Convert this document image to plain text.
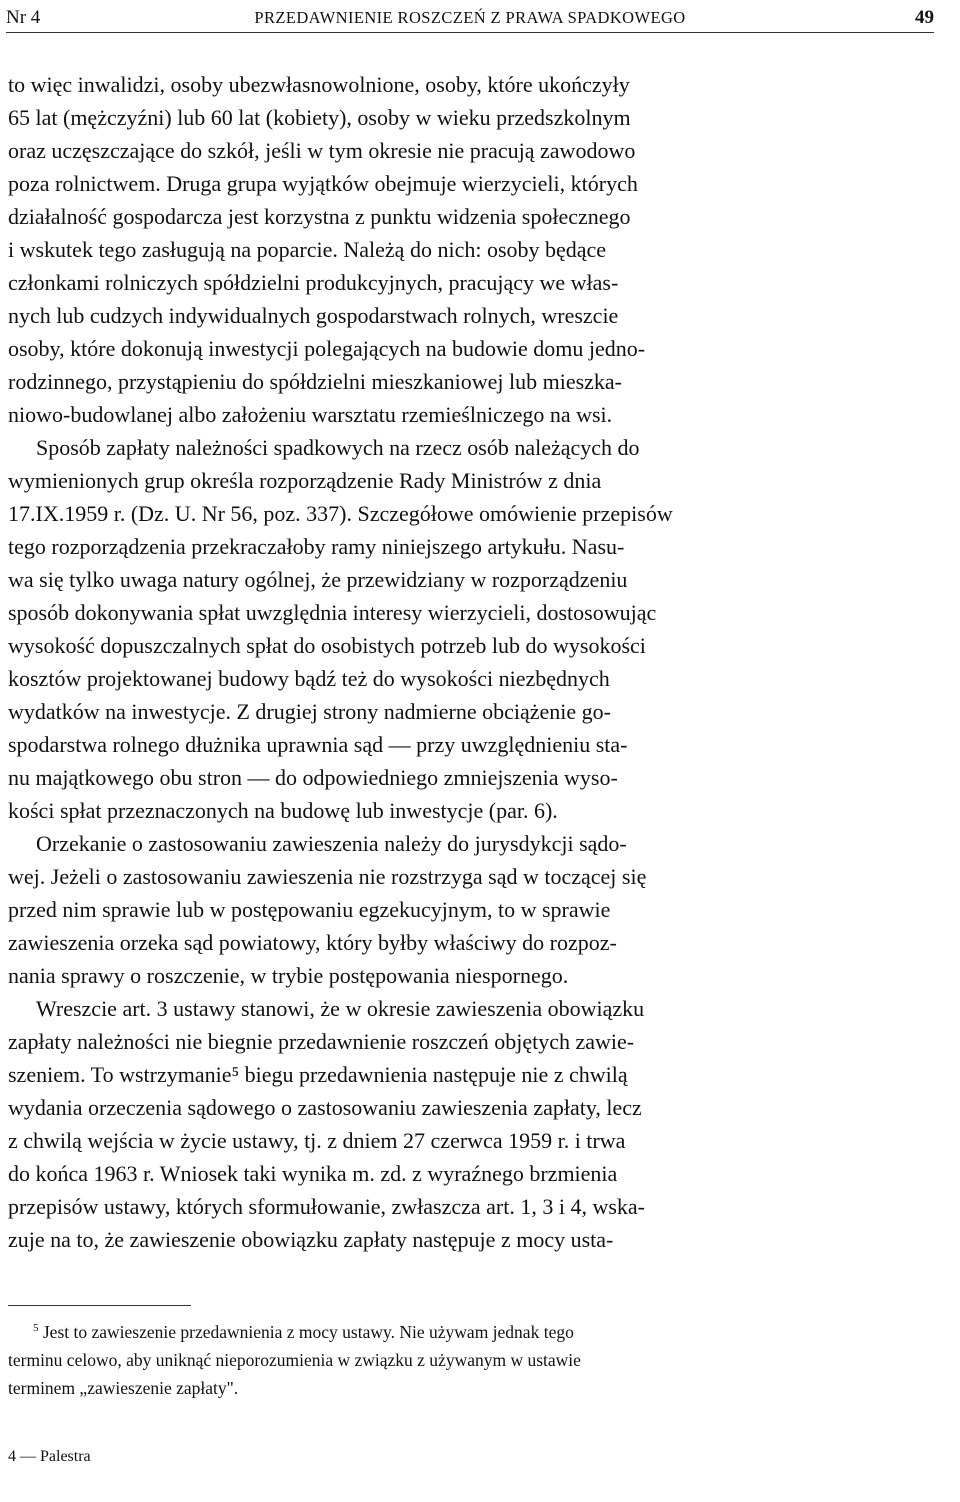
Nr 4	PRZEDAWNIENIE ROSZCZEŃ Z PRAWA SPADKOWEGO	49
to więc inwalidzi, osoby ubezwłasnowolnione, osoby, które ukończyły
65 lat (mężczyźni) lub 60 lat (kobiety), osoby w wieku przedszkolnym
oraz uczęszczające do szkół, jeśli w tym okresie nie pracują zawodowo
poza rolnictwem. Druga grupa wyjątków obejmuje wierzycieli, których
działalność gospodarcza jest korzystna z punktu widzenia społecznego
i wskutek tego zasługują na poparcie. Należą do nich: osoby będące
członkami rolniczych spółdzielni produkcyjnych, pracujący we włas-
nych lub cudzych indywidualnych gospodarstwach rolnych, wreszcie
osoby, które dokonują inwestycji polegających na budowie domu jedno-
rodzinnego, przystąpieniu do spółdzielni mieszkaniowej lub mieszka-
niowo-budowlanej albo założeniu warsztatu rzemieślniczego na wsi.
Sposób zapłaty należności spadkowych na rzecz osób należących do
wymienionych grup określa rozporządzenie Rady Ministrów z dnia
17.IX.1959 r. (Dz. U. Nr 56, poz. 337). Szczegółowe omówienie przepisów
tego rozporządzenia przekraczałoby ramy niniejszego artykułu. Nasu-
wa się tylko uwaga natury ogólnej, że przewidziany w rozporządzeniu
sposób dokonywania spłat uwzględnia interesy wierzycieli, dostosowując
wysokość dopuszczalnych spłat do osobistych potrzeb lub do wysokości
kosztów projektowanej budowy bądź też do wysokości niezbędnych
wydatków na inwestycje. Z drugiej strony nadmierne obciążenie go-
spodarstwa rolnego dłużnika uprawnia sąd — przy uwzględnieniu sta-
nu majątkowego obu stron — do odpowiedniego zmniejszenia wyso-
kości spłat przeznaczonych na budowę lub inwestycje (par. 6).
Orzekanie o zastosowaniu zawieszenia należy do jurysdykcji sądo-
wej. Jeżeli o zastosowaniu zawieszenia nie rozstrzyga sąd w toczącej się
przed nim sprawie lub w postępowaniu egzekucyjnym, to w sprawie
zawieszenia orzeka sąd powiatowy, który byłby właściwy do rozpoz-
nania sprawy o roszczenie, w trybie postępowania niespornego.
Wreszcie art. 3 ustawy stanowi, że w okresie zawieszenia obowiązku
zapłaty należności nie biegnie przedawnienie roszczeń objętych zawie-
szeniem. To wstrzymanie⁵ biegu przedawnienia następuje nie z chwilą
wydania orzeczenia sądowego o zastosowaniu zawieszenia zapłaty, lecz
z chwilą wejścia w życie ustawy, tj. z dniem 27 czerwca 1959 r. i trwa
do końca 1963 r. Wniosek taki wynika m. zd. z wyraźnego brzmienia
przepisów ustawy, których sformułowanie, zwłaszcza art. 1, 3 i 4, wska-
zuje na to, że zawieszenie obowiązku zapłaty następuje z mocy usta-
$^5$ Jest to zawieszenie przedawnienia z mocy ustawy. Nie używam jednak tego
terminu celowo, aby uniknąć nieporozumienia w związku z używanym w ustawie
terminem „zawieszenie zapłaty".
4 — Palestra
